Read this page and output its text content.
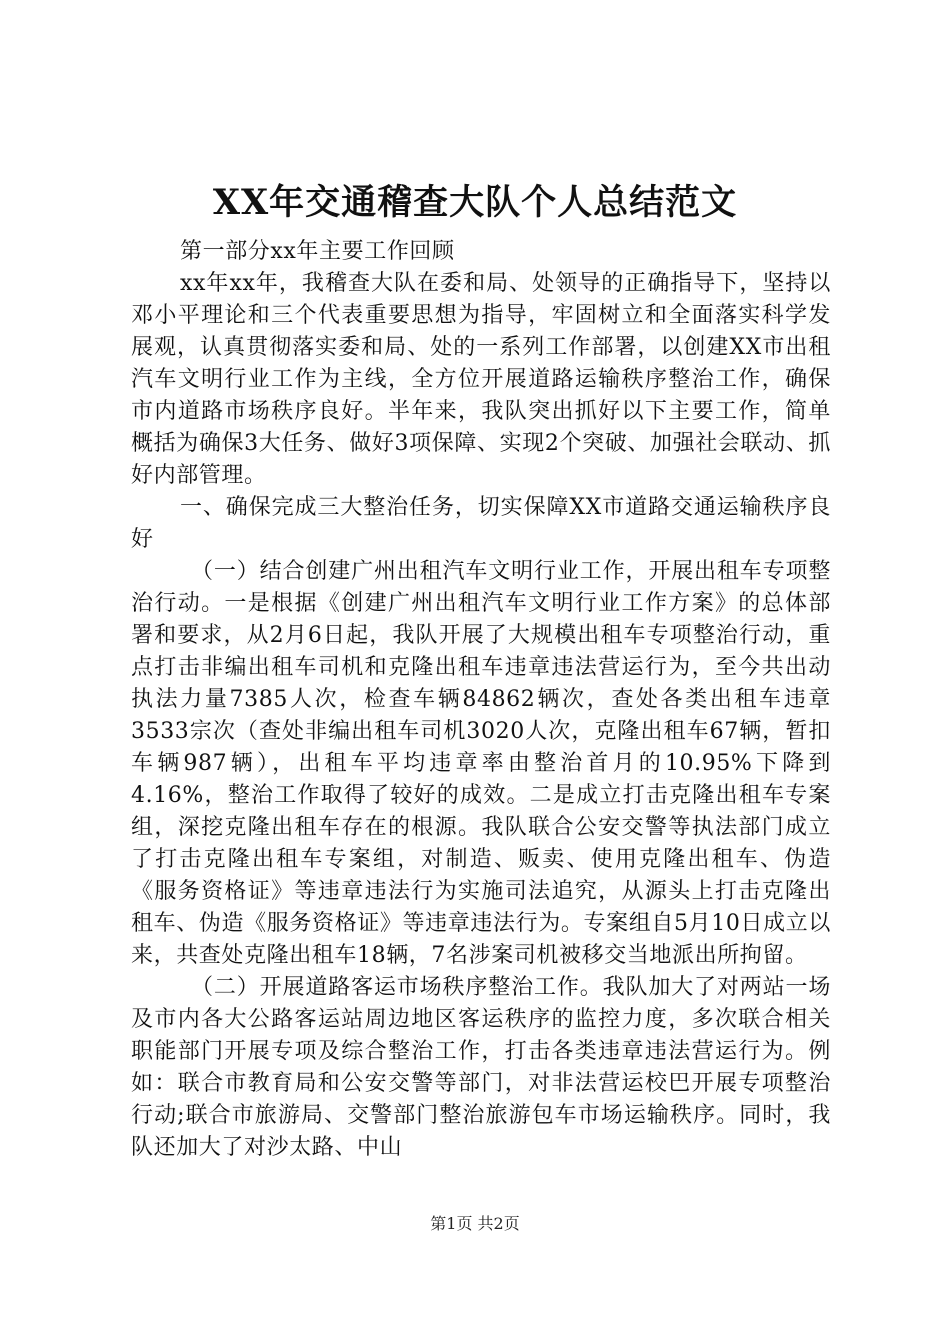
XX年交通稽查大队个人总结范文

第一部分xx年主要工作回顾

xx年xx年，我稽查大队在委和局、处领导的正确指导下，坚持以邓小平理论和三个代表重要思想为指导，牢固树立和全面落实科学发展观，认真贯彻落实委和局、处的一系列工作部署，以创建XX市出租汽车文明行业工作为主线，全方位开展道路运输秩序整治工作，确保市内道路市场秩序良好。半年来，我队突出抓好以下主要工作，简单概括为确保3大任务、做好3项保障、实现2个突破、加强社会联动、抓好内部管理。

一、确保完成三大整治任务，切实保障XX市道路交通运输秩序良好

（一）结合创建广州出租汽车文明行业工作，开展出租车专项整治行动。一是根据《创建广州出租汽车文明行业工作方案》的总体部署和要求，从2月6日起，我队开展了大规模出租车专项整治行动，重点打击非编出租车司机和克隆出租车违章违法营运行为，至今共出动执法力量7385人次，检查车辆84862辆次，查处各类出租车违章3533宗次（查处非编出租车司机3020人次，克隆出租车67辆，暂扣车辆987辆），出租车平均违章率由整治首月的10.95%下降到4.16%，整治工作取得了较好的成效。二是成立打击克隆出租车专案组，深挖克隆出租车存在的根源。我队联合公安交警等执法部门成立了打击克隆出租车专案组，对制造、贩卖、使用克隆出租车、伪造《服务资格证》等违章违法行为实施司法追究，从源头上打击克隆出租车、伪造《服务资格证》等违章违法行为。专案组自5月10日成立以来，共查处克隆出租车18辆，7名涉案司机被移交当地派出所拘留。

（二）开展道路客运市场秩序整治工作。我队加大了对两站一场及市内各大公路客运站周边地区客运秩序的监控力度，多次联合相关职能部门开展专项及综合整治工作，打击各类违章违法营运行为。例如：联合市教育局和公安交警等部门，对非法营运校巴开展专项整治行动;联合市旅游局、交警部门整治旅游包车市场运输秩序。同时，我队还加大了对沙太路、中山

第1页 共2页
